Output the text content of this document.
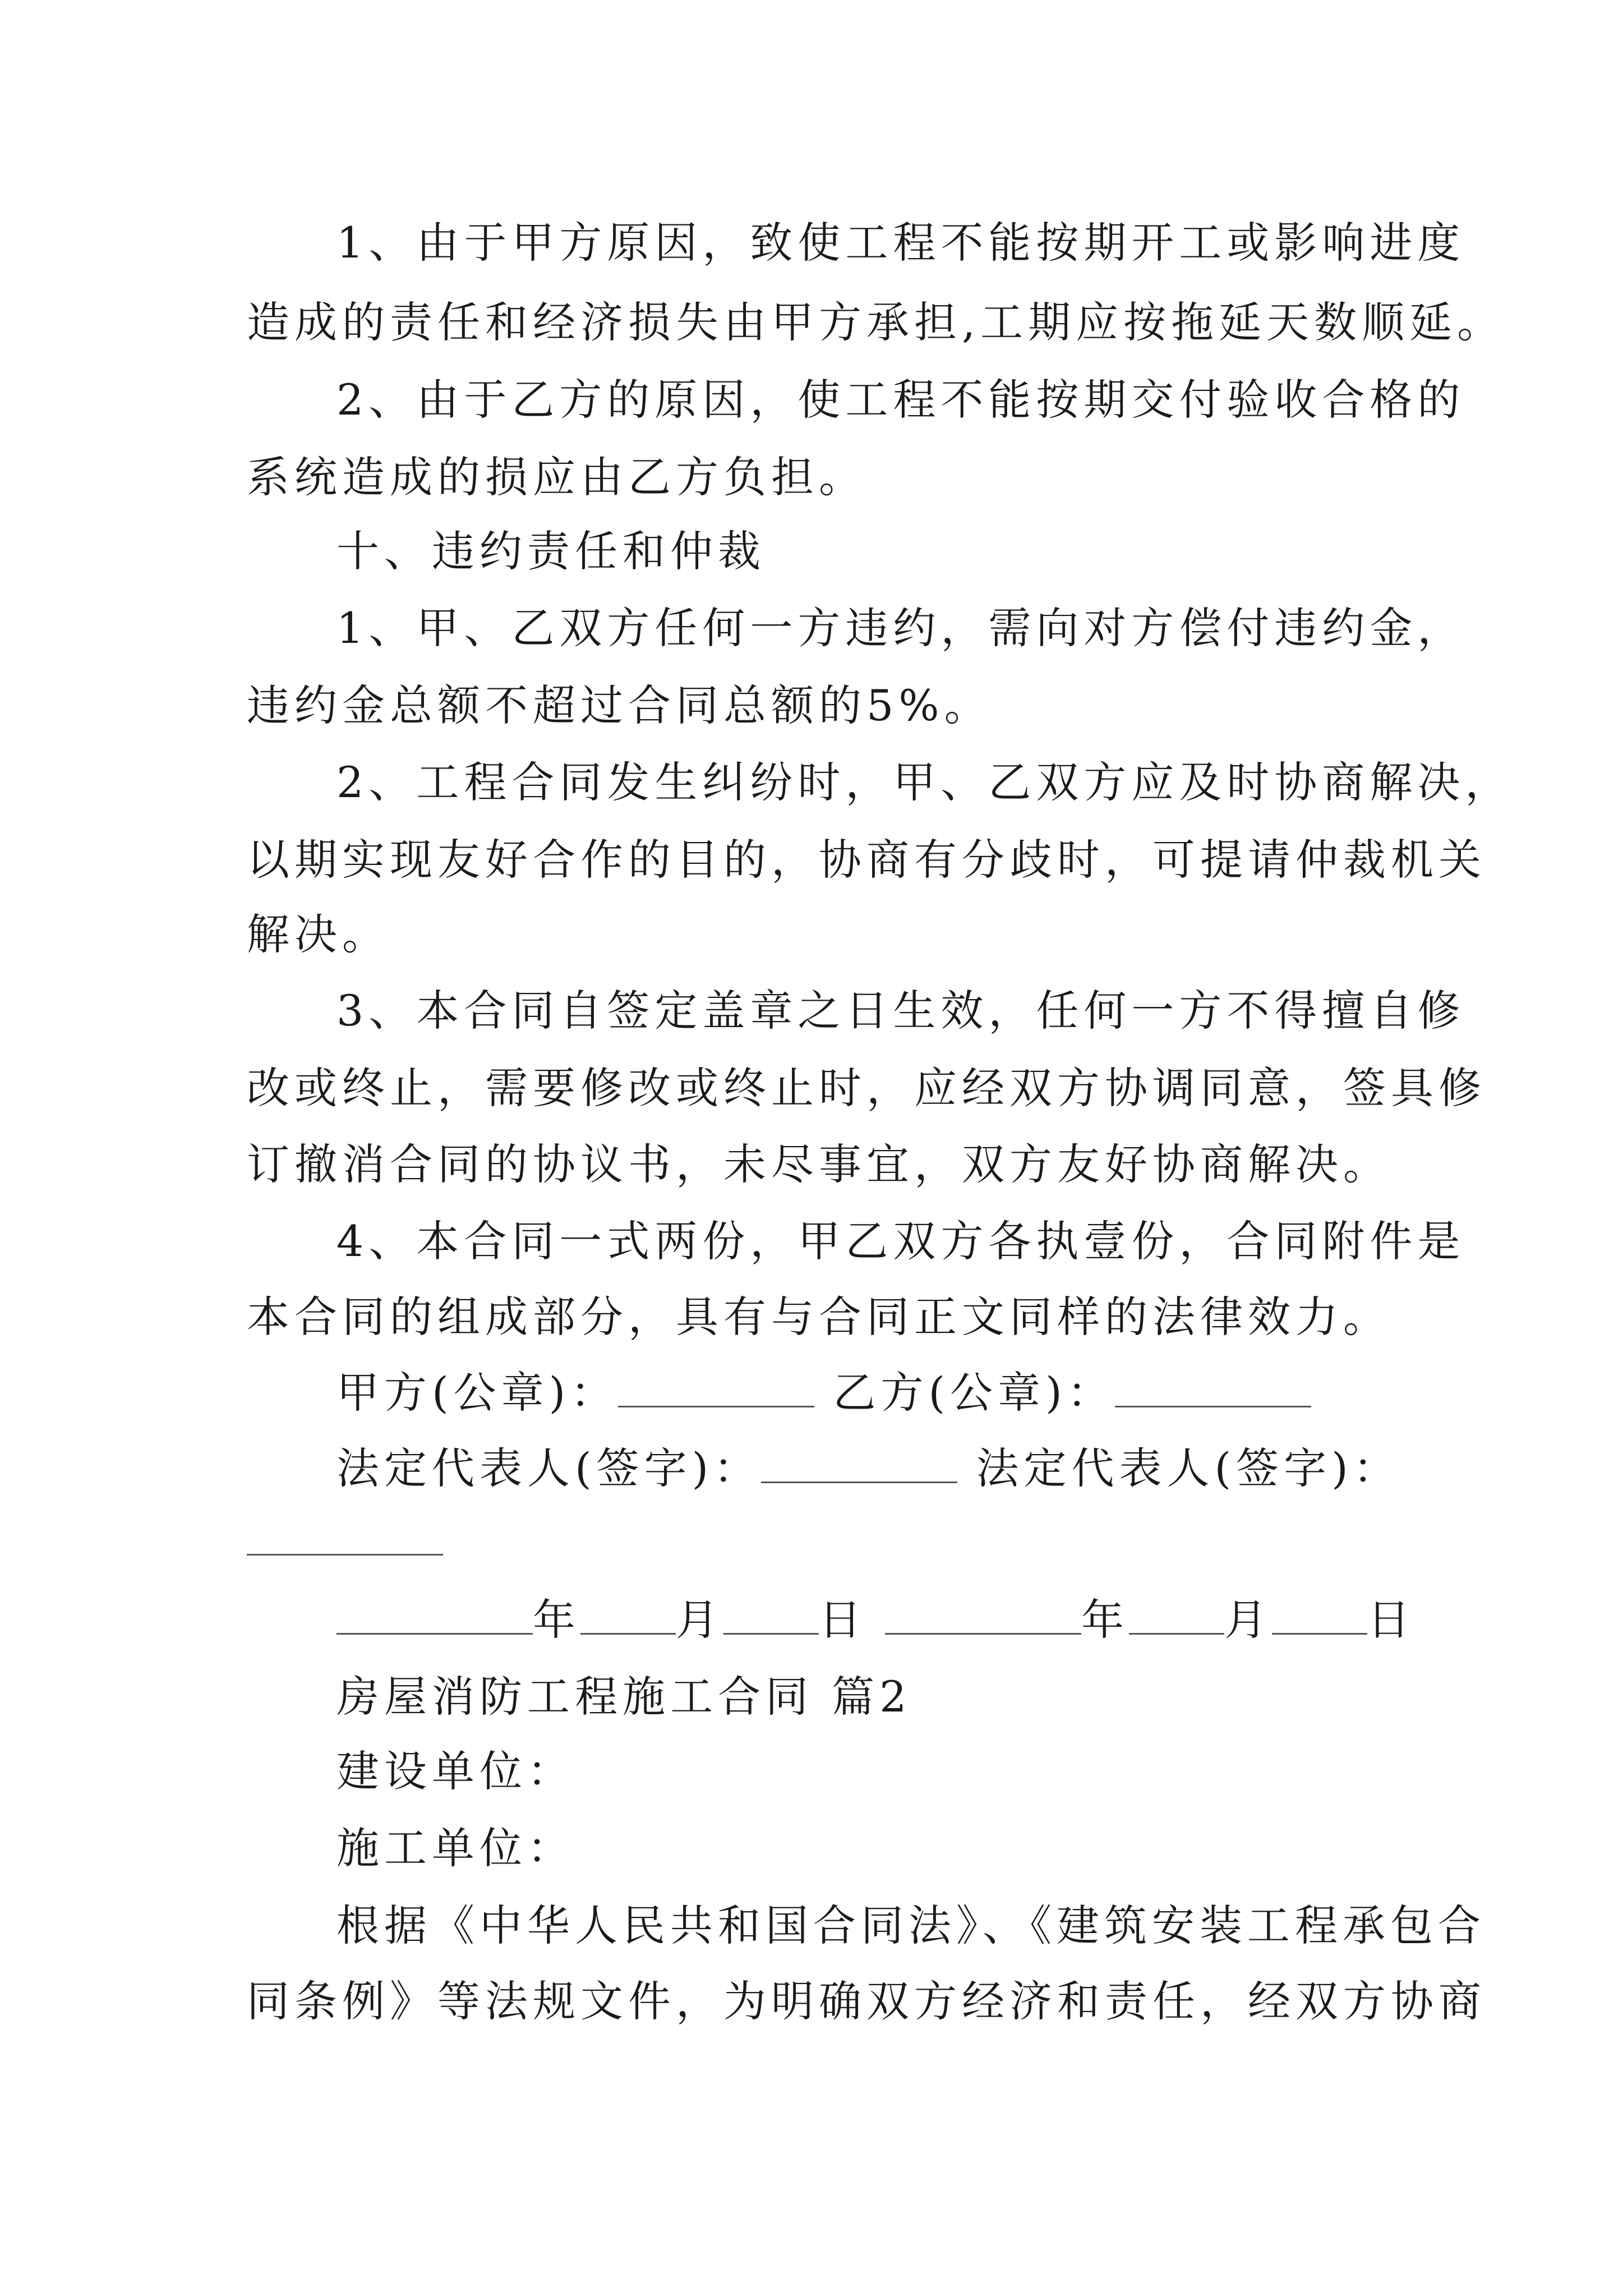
1、由于甲方原因，致使工程不能按期开工或影响进度
造成的责任和经济损失由甲方承担,工期应按拖延天数顺延。
2、由于乙方的原因，使工程不能按期交付验收合格的
系统造成的损应由乙方负担。
十、违约责任和仲裁
1、甲、乙双方任何一方违约，需向对方偿付违约金，
违约金总额不超过合同总额的5%。
2、工程合同发生纠纷时，甲、乙双方应及时协商解决，
以期实现友好合作的目的，协商有分歧时，可提请仲裁机关
解决。
3、本合同自签定盖章之日生效，任何一方不得擅自修
改或终止，需要修改或终止时，应经双方协调同意，签具修
订撤消合同的协议书，未尽事宜，双方友好协商解决。
4、本合同一式两份，甲乙双方各执壹份，合同附件是
本合同的组成部分，具有与合同正文同样的法律效力。
甲方(公章)：	乙方(公章)：
法定代表人(签字)：	法定代表人(签字)：
年 月 日	年 月 日
房屋消防工程施工合同 篇2
建设单位：
施工单位：
根据《中华人民共和国合同法》、《建筑安装工程承包合
同条例》等法规文件，为明确双方经济和责任，经双方协商
